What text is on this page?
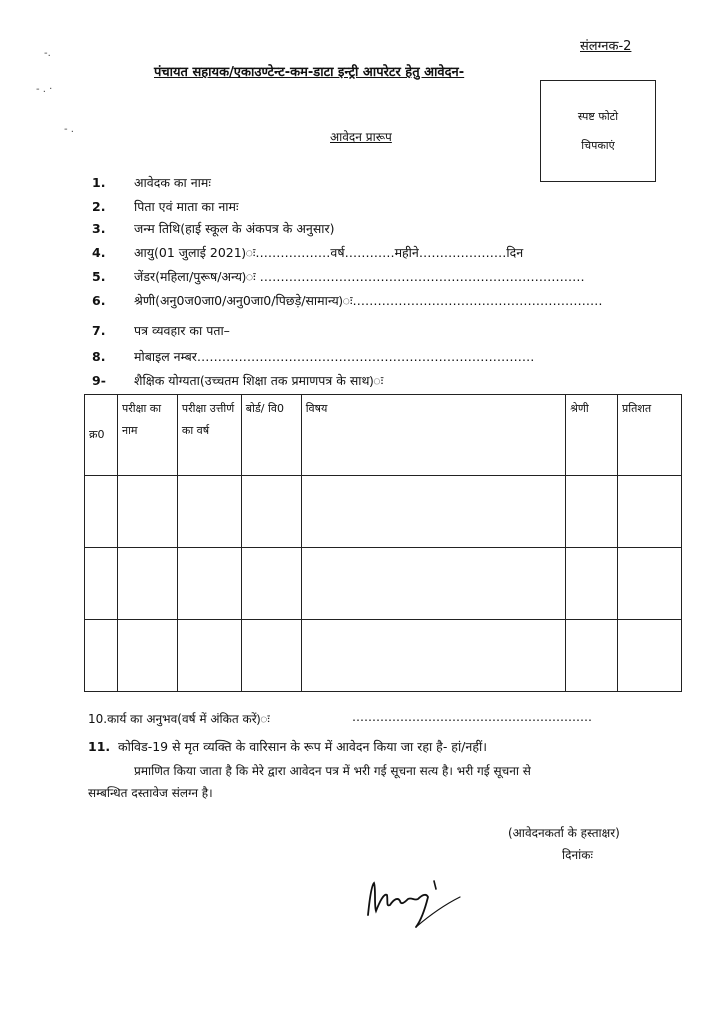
संलग्नक-2
पंचायत सहायक/एकाउण्टेन्ट-कम-डाटा इन्ट्री आपरेटर हेतु आवेदन-
स्पष्ट फोटो
चिपकाएं
आवेदन प्रारूप
1. आवेदक का नामः
2. पिता एवं माता का नामः
3. जन्म तिथि(हाई स्कूल के अंकपत्र के अनुसार)
4. आयु(01 जुलाई 2021)ः………………वर्ष…………महीने…………………दिन
5. जेंडर(महिला/पुरूष/अन्य)ः ……………………………………………………………………
6. श्रेणी(अनु0ज0जा0/अनु0जा0/पिछड़े/सामान्य)ः……………………………………………………
7. पत्र व्यवहार का पता–
8. मोबाइल नम्बर………………………………………………………………………
9- शैक्षिक योग्यता(उच्चतम शिक्षा तक प्रमाणपत्र के साथ)ः
क्र0	परीक्षा का नाम	परीक्षा उत्तीर्ण का वर्ष	बोर्ड/ वि0	विषय	श्रेणी	प्रतिशत

10.कार्य का अनुभव(वर्ष में अंकित करें)ः	……………………………………………………
11. कोविड-19 से मृत व्यक्ति के वारिसान के रूप में आवेदन किया जा रहा है- हां/नहीं।
प्रमाणित किया जाता है कि मेरे द्वारा आवेदन पत्र में भरी गई सूचना सत्य है। भरी गई सूचना से
सम्बन्धित दस्तावेज संलग्न है।
(आवेदनकर्ता के हस्ताक्षर)
दिनांकः
-.
- . ·
- .
